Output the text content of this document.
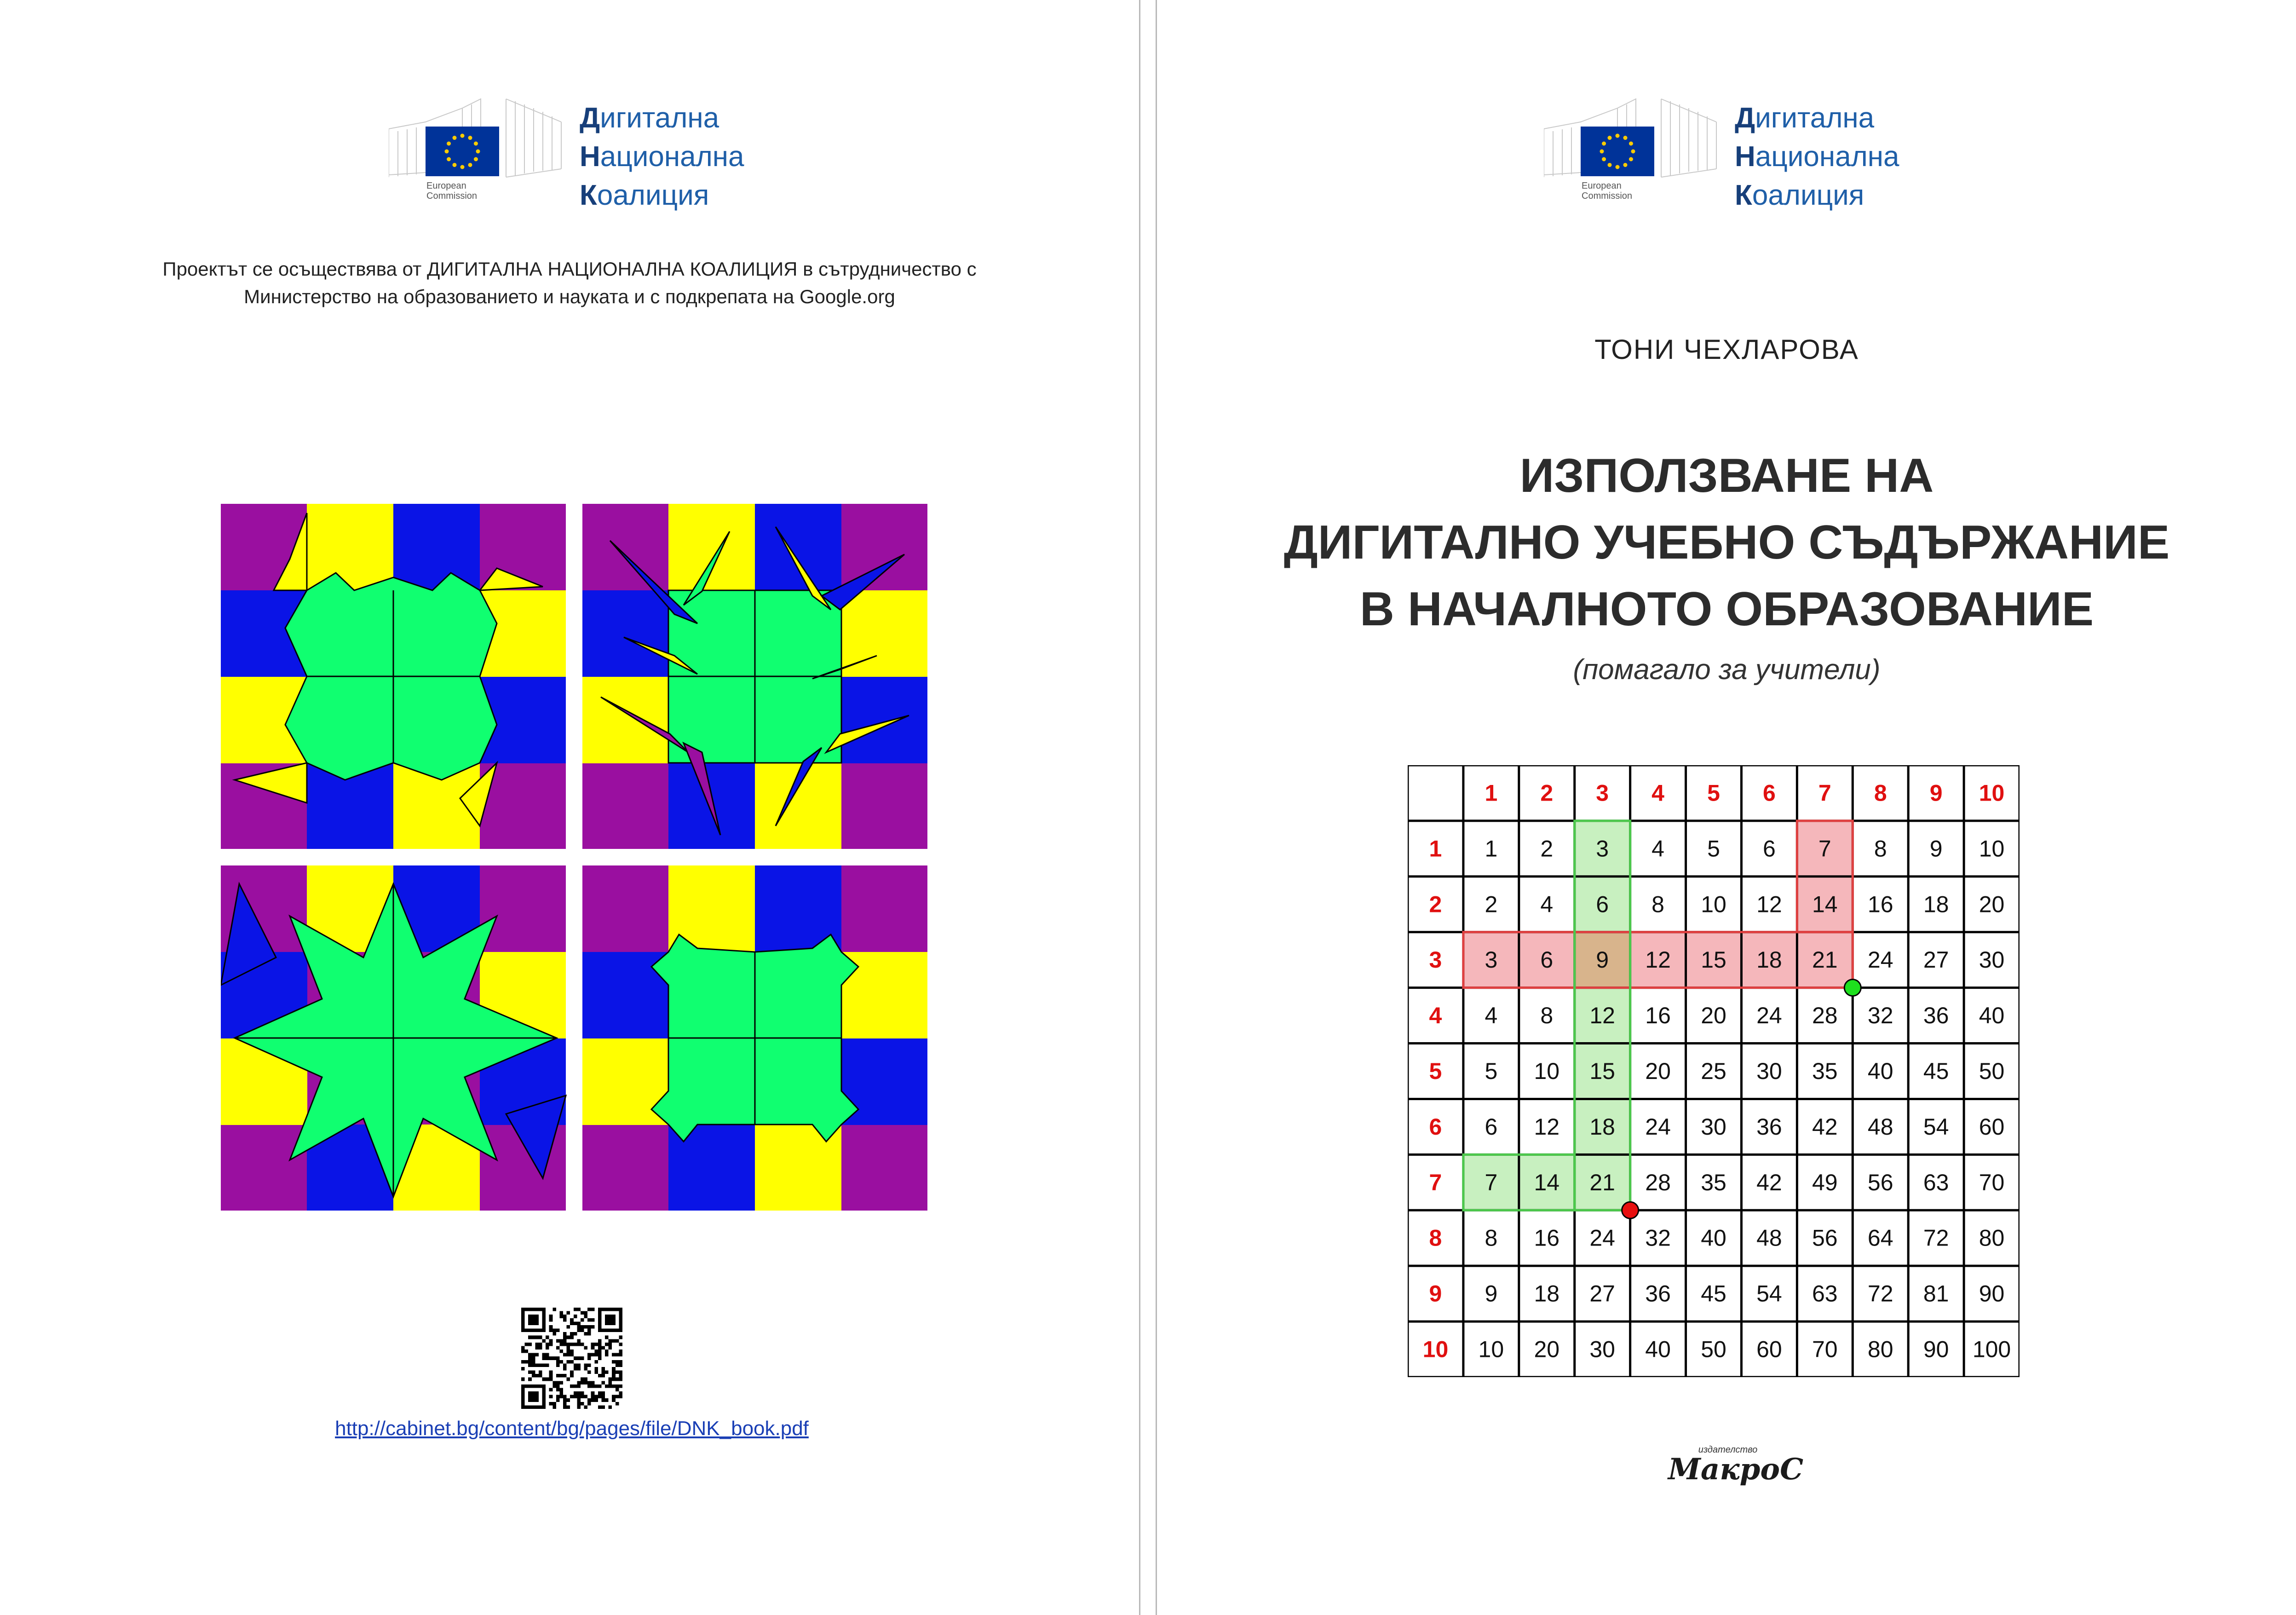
European
Commission
Дигитална
Национална
Коалиция
Проектът се осъществява от ДИГИТАЛНА НАЦИОНАЛНА КОАЛИЦИЯ в сътрудничество с
Министерство на образованието и науката и с подкрепата на Google.org
http://cabinet.bg/content/bg/pages/file/DNK_book.pdf
European
Commission
Дигитална
Национална
Коалиция
ТОНИ ЧЕХЛАРОВА
ИЗПОЛЗВАНЕ НА
ДИГИТАЛНО УЧЕБНО СЪДЪРЖАНИЕ
В НАЧАЛНОТО ОБРАЗОВАНИЕ
(помагало за учители)
1 2 3 4 5 6 7 8 9 10
1 1 2 3 4 5 6 7 8 9 10
2 2 4 6 8 10 12 14 16 18 20
3 3 6 9 12 15 18 21 24 27 30
4 4 8 12 16 20 24 28 32 36 40
5 5 10 15 20 25 30 35 40 45 50
6 6 12 18 24 30 36 42 48 54 60
7 7 14 21 28 35 42 49 56 63 70
8 8 16 24 32 40 48 56 64 72 80
9 9 18 27 36 45 54 63 72 81 90
10 10 20 30 40 50 60 70 80 90 100
издателство
МакроС
